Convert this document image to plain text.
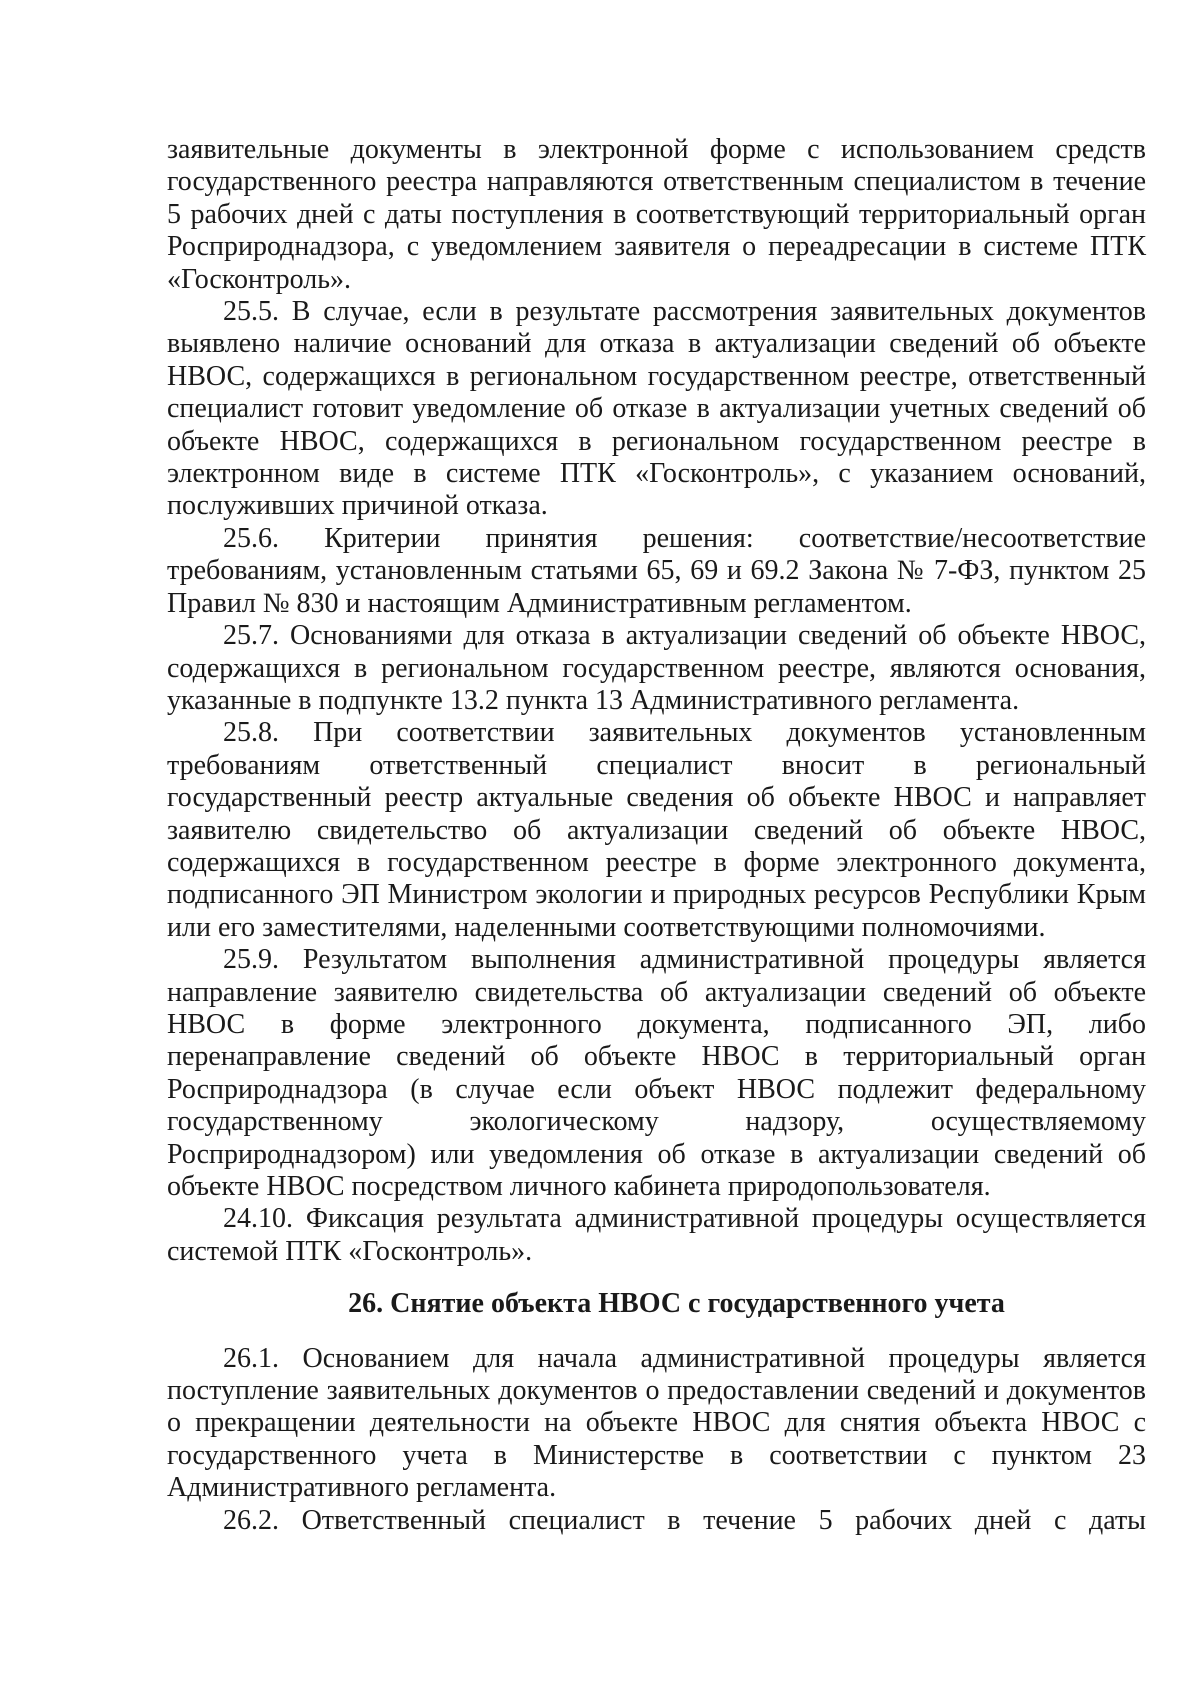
заявительные документы в электронной форме с использованием средств государственного реестра направляются ответственным специалистом в течение 5 рабочих дней с даты поступления в соответствующий территориальный орган Росприроднадзора, с уведомлением заявителя о переадресации в системе ПТК «Госконтроль».

25.5. В случае, если в результате рассмотрения заявительных документов выявлено наличие оснований для отказа в актуализации сведений об объекте НВОС, содержащихся в региональном государственном реестре, ответственный специалист готовит уведомление об отказе в актуализации учетных сведений об объекте НВОС, содержащихся в региональном государственном реестре в электронном виде в системе ПТК «Госконтроль», с указанием оснований, послуживших причиной отказа.

25.6. Критерии принятия решения: соответствие/несоответствие требованиям, установленным статьями 65, 69 и 69.2 Закона № 7-ФЗ, пунктом 25 Правил № 830 и настоящим Административным регламентом.

25.7. Основаниями для отказа в актуализации сведений об объекте НВОС, содержащихся в региональном государственном реестре, являются основания, указанные в подпункте 13.2 пункта 13 Административного регламента.

25.8. При соответствии заявительных документов установленным требованиям ответственный специалист вносит в региональный государственный реестр актуальные сведения об объекте НВОС и направляет заявителю свидетельство об актуализации сведений об объекте НВОС, содержащихся в государственном реестре в форме электронного документа, подписанного ЭП Министром экологии и природных ресурсов Республики Крым или его заместителями, наделенными соответствующими полномочиями.

25.9. Результатом выполнения административной процедуры является направление заявителю свидетельства об актуализации сведений об объекте НВОС в форме электронного документа, подписанного ЭП, либо перенаправление сведений об объекте НВОС в территориальный орган Росприроднадзора (в случае если объект НВОС подлежит федеральному государственному экологическому надзору, осуществляемому Росприроднадзором) или уведомления об отказе в актуализации сведений об объекте НВОС посредством личного кабинета природопользователя.

24.10. Фиксация результата административной процедуры осуществляется системой ПТК «Госконтроль».

26. Снятие объекта НВОС с государственного учета

26.1. Основанием для начала административной процедуры является поступление заявительных документов о предоставлении сведений и документов о прекращении деятельности на объекте НВОС для снятия объекта НВОС с государственного учета в Министерстве в соответствии с пунктом 23 Административного регламента.

26.2. Ответственный специалист в течение 5 рабочих дней с даты
